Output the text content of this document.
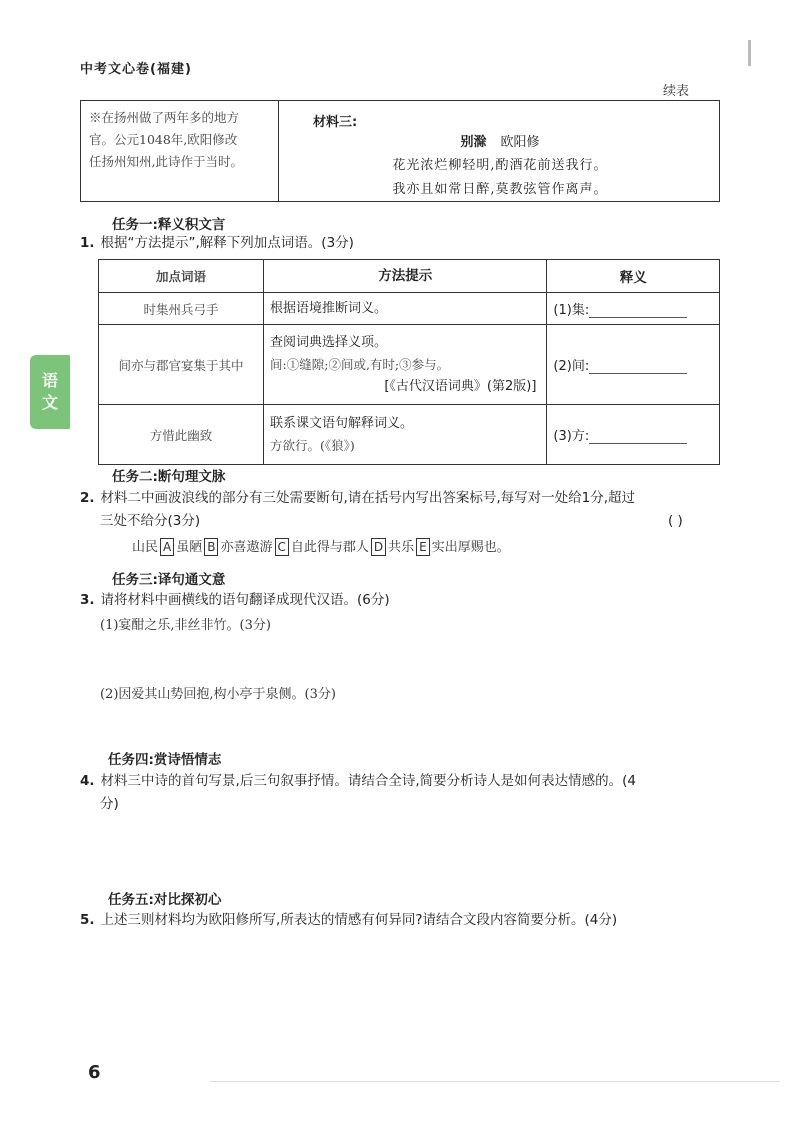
中考文心卷(福建)
续表
语
文
※在扬州做了两年多的地方
官。公元1048年,欧阳修改
任扬州知州,此诗作于当时。
材料三:
别滁 欧阳修
花光浓烂柳轻明,酌酒花前送我行。
我亦且如常日醉,莫教弦管作离声。
任务一:释义积文言
1. 根据“方法提示”,解释下列加点词语。(3分)
加点词语	方法提示	释义
时集州兵弓手	根据语境推断词义。	(1)集:
间亦与郡官宴集于其中	查阅词典选择义项。
间:①缝隙;②间或,有时;③参与。
[《古代汉语词典》(第2版)]	(2)间:
方惜此幽致	联系课文语句解释词义。
方欲行。(《狼》)	(3)方:
任务二:断句理文脉
2. 材料二中画波浪线的部分有三处需要断句,请在括号内写出答案标号,每写对一处给1分,超过
三处不给分(3分)	( )
山民 A 虽陋 B 亦喜遨游 C 自此得与郡人 D 共乐 E 实出厚赐也。
任务三:译句通文意
3. 请将材料中画横线的语句翻译成现代汉语。(6分)
(1)宴酣之乐,非丝非竹。(3分)
(2)因爱其山势回抱,构小亭于泉侧。(3分)
任务四:赏诗悟情志
4. 材料三中诗的首句写景,后三句叙事抒情。请结合全诗,简要分析诗人是如何表达情感的。(4
分)
任务五:对比探初心
5. 上述三则材料均为欧阳修所写,所表达的情感有何异同?请结合文段内容简要分析。(4分)
6
